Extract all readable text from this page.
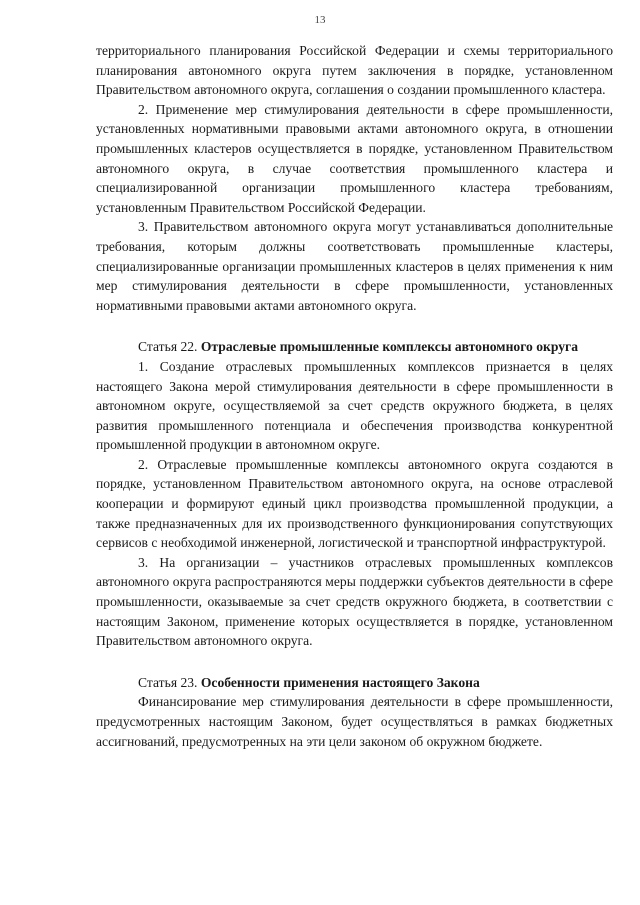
13

территориального планирования Российской Федерации и схемы территориального планирования автономного округа путем заключения в порядке, установленном Правительством автономного округа, соглашения о создании промышленного кластера.

2. Применение мер стимулирования деятельности в сфере промышленности, установленных нормативными правовыми актами автономного округа, в отношении промышленных кластеров осуществляется в порядке, установленном Правительством автономного округа, в случае соответствия промышленного кластера и специализированной организации промышленного кластера требованиям, установленным Правительством Российской Федерации.

3. Правительством автономного округа могут устанавливаться дополнительные требования, которым должны соответствовать промышленные кластеры, специализированные организации промышленных кластеров в целях применения к ним мер стимулирования деятельности в сфере промышленности, установленных нормативными правовыми актами автономного округа.

Статья 22. Отраслевые промышленные комплексы автономного округа

1. Создание отраслевых промышленных комплексов признается в целях настоящего Закона мерой стимулирования деятельности в сфере промышленности в автономном округе, осуществляемой за счет средств окружного бюджета, в целях развития промышленного потенциала и обеспечения производства конкурентной промышленной продукции в автономном округе.

2. Отраслевые промышленные комплексы автономного округа создаются в порядке, установленном Правительством автономного округа, на основе отраслевой кооперации и формируют единый цикл производства промышленной продукции, а также предназначенных для их производственного функционирования сопутствующих сервисов с необходимой инженерной, логистической и транспортной инфраструктурой.

3. На организации – участников отраслевых промышленных комплексов автономного округа распространяются меры поддержки субъектов деятельности в сфере промышленности, оказываемые за счет средств окружного бюджета, в соответствии с настоящим Законом, применение которых осуществляется в порядке, установленном Правительством автономного округа.

Статья 23. Особенности применения настоящего Закона

Финансирование мер стимулирования деятельности в сфере промышленности, предусмотренных настоящим Законом, будет осуществляться в рамках бюджетных ассигнований, предусмотренных на эти цели законом об окружном бюджете.
